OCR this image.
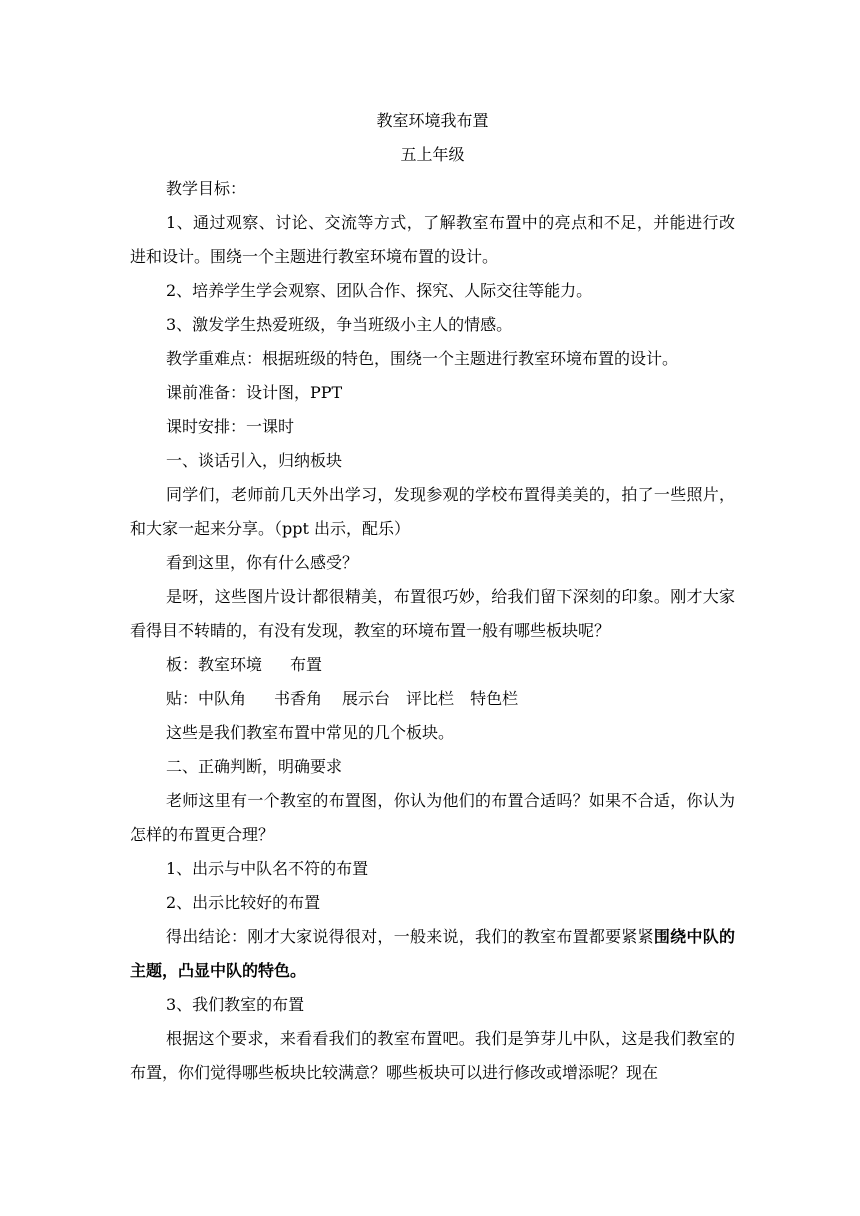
教室环境我布置

五上年级

教学目标：

1、通过观察、讨论、交流等方式，了解教室布置中的亮点和不足，并能进行改进和设计。围绕一个主题进行教室环境布置的设计。

2、培养学生学会观察、团队合作、探究、人际交往等能力。

3、激发学生热爱班级，争当班级小主人的情感。

教学重难点：根据班级的特色，围绕一个主题进行教室环境布置的设计。

课前准备：设计图，PPT

课时安排：一课时

一、谈话引入，归纳板块

同学们，老师前几天外出学习，发现参观的学校布置得美美的，拍了一些照片，和大家一起来分享。（ppt 出示，配乐）

看到这里，你有什么感受？

是呀，这些图片设计都很精美，布置很巧妙，给我们留下深刻的印象。刚才大家看得目不转睛的，有没有发现，教室的环境布置一般有哪些板块呢？

板：教室环境 布置

贴：中队角 书香角 展示台 评比栏 特色栏

这些是我们教室布置中常见的几个板块。

二、正确判断，明确要求

老师这里有一个教室的布置图，你认为他们的布置合适吗？如果不合适，你认为怎样的布置更合理？

1、出示与中队名不符的布置

2、出示比较好的布置

得出结论：刚才大家说得很对，一般来说，我们的教室布置都要紧紧围绕中队的主题，凸显中队的特色。

3、我们教室的布置

根据这个要求，来看看我们的教室布置吧。我们是笋芽儿中队，这是我们教室的布置，你们觉得哪些板块比较满意？哪些板块可以进行修改或增添呢？现在
